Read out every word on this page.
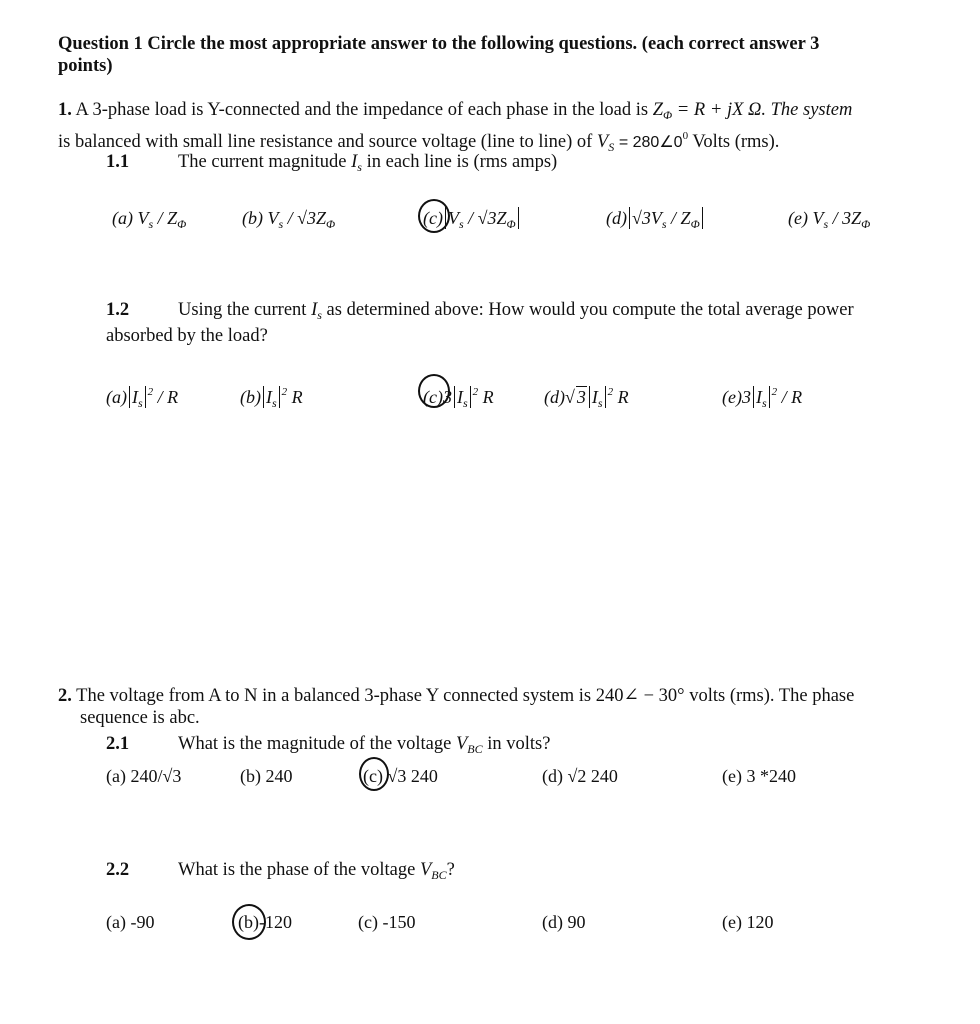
Question 1 Circle the most appropriate answer to the following questions. (each correct answer 3
points)
1. A 3-phase load is Y-connected and the impedance of each phase in the load is $Z_\Phi = R$ + jX Ω. The system
is balanced with small line resistance and source voltage (line to line) of $V_S$ = $280\angle 0^0$ Volts (rms).
1.1	The current magnitude $I_s$ in each line is (rms amps)
(a) $V_s / Z_\Phi$	(b) $V_s / √3Z_\Phi$	(c) $V_s / √3Z_\Phi$	(d) $√3V_s / Z_\Phi$	(e) $V_s / 3Z_\Phi$
1.2	Using the current $I_s$ as determined above: How would you compute the total average power
absorbed by the load?
(a) $I_s^2$ / R	(b) $I_s^2$ R	(c)3 $I_s^2$ R	(d)√ 3 $I_s^2$ R	(e)3 $I_s^2$ / R
2. The voltage from A to N in a balanced 3-phase Y connected system is 240∠ − 30° volts (rms). The phase
sequence is abc.
2.1	What is the magnitude of the voltage $V_{BC}$ in volts?
(a) 240/√3	(b) 240	(c) √3 240	(d) √2 240	(e) 3 *240
2.2	What is the phase of the voltage $V_{BC}$?
(a) -90	(b)-120	(c) -150	(d) 90	(e) 120
